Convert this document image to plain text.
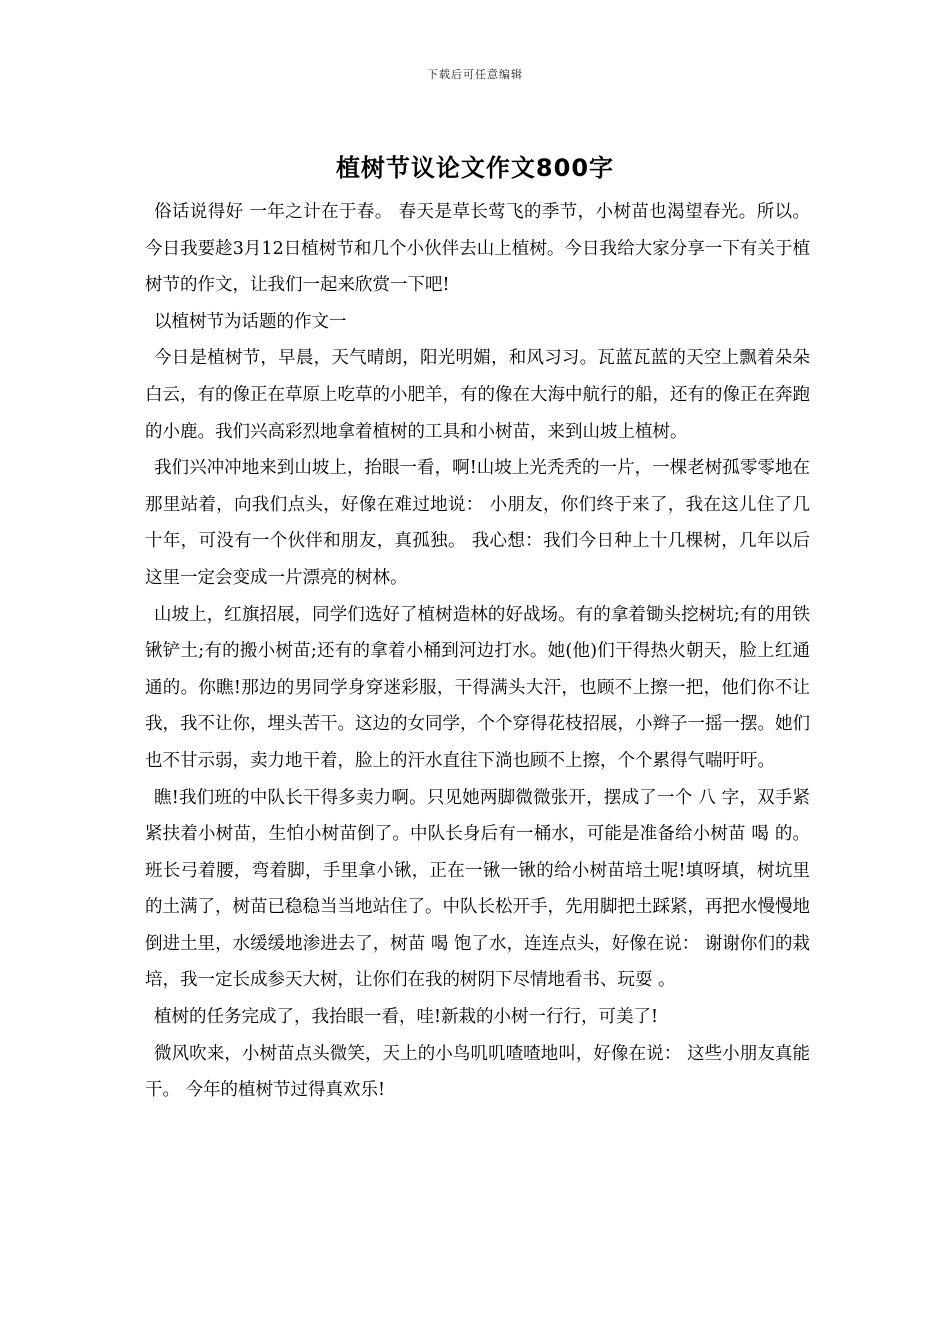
下载后可任意编辑
植树节议论文作文800字

俗话说得好 一年之计在于春。 春天是草长莺飞的季节，小树苗也渴望春光。所以。今日我要趁3月12日植树节和几个小伙伴去山上植树。今日我给大家分享一下有关于植树节的作文，让我们一起来欣赏一下吧!

以植树节为话题的作文一

今日是植树节，早晨，天气晴朗，阳光明媚，和风习习。瓦蓝瓦蓝的天空上飘着朵朵白云，有的像正在草原上吃草的小肥羊，有的像在大海中航行的船，还有的像正在奔跑的小鹿。我们兴高彩烈地拿着植树的工具和小树苗，来到山坡上植树。

我们兴冲冲地来到山坡上，抬眼一看，啊!山坡上光秃秃的一片，一棵老树孤零零地在那里站着，向我们点头，好像在难过地说： 小朋友，你们终于来了，我在这儿住了几十年，可没有一个伙伴和朋友，真孤独。 我心想：我们今日种上十几棵树，几年以后这里一定会变成一片漂亮的树林。

山坡上，红旗招展，同学们选好了植树造林的好战场。有的拿着锄头挖树坑;有的用铁锹铲土;有的搬小树苗;还有的拿着小桶到河边打水。她(他)们干得热火朝天，脸上红通通的。你瞧!那边的男同学身穿迷彩服，干得满头大汗，也顾不上擦一把，他们你不让我，我不让你，埋头苦干。这边的女同学，个个穿得花枝招展，小辫子一摇一摆。她们也不甘示弱，卖力地干着，脸上的汗水直往下淌也顾不上擦，个个累得气喘吁吁。

瞧!我们班的中队长干得多卖力啊。只见她两脚微微张开，摆成了一个 八 字，双手紧紧扶着小树苗，生怕小树苗倒了。中队长身后有一桶水，可能是准备给小树苗 喝 的。班长弓着腰，弯着脚，手里拿小锹，正在一锹一锹的给小树苗培土呢!填呀填，树坑里的土满了，树苗已稳稳当当地站住了。中队长松开手，先用脚把土踩紧，再把水慢慢地倒进土里，水缓缓地渗进去了，树苗 喝 饱了水，连连点头，好像在说： 谢谢你们的栽培，我一定长成参天大树，让你们在我的树阴下尽情地看书、玩耍 。

植树的任务完成了，我抬眼一看，哇!新栽的小树一行行，可美了!

微风吹来，小树苗点头微笑，天上的小鸟叽叽喳喳地叫，好像在说： 这些小朋友真能干。 今年的植树节过得真欢乐!
